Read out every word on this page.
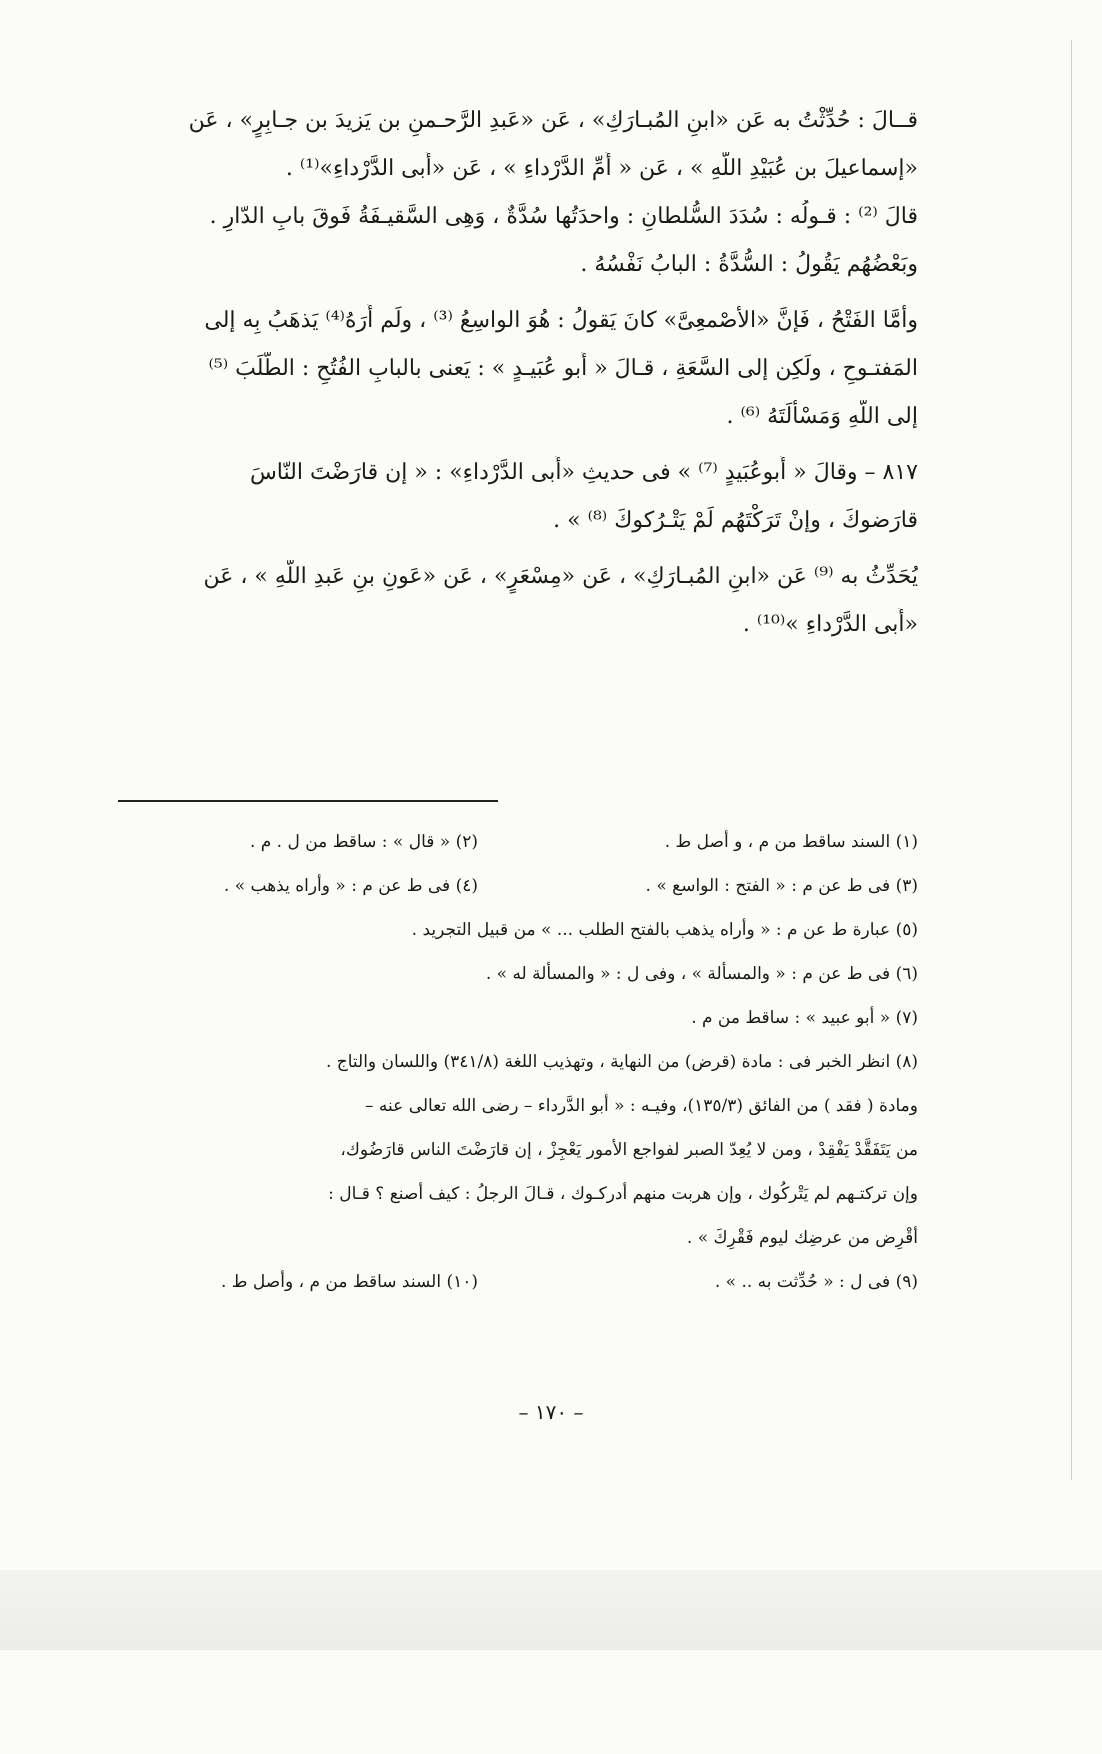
قــالَ : حُدِّثْتُ به عَن «ابنِ المُبـارَكِ» ، عَن «عَبدِ الرَّحـمنِ بن يَزيدَ بن جـابِرٍ» ، عَن
«إسماعيلَ بن عُبَيْدِ اللّهِ » ، عَن « أُمِّ الدَّرْداءِ » ، عَن «أَبى الدَّرْداءِ»⁽¹⁾ .
قالَ ⁽²⁾ : قـولُه : سُدَدَ السُّلطانِ : واحدَتُها سُدَّةٌ ، وَهِى السَّقيـفَةُ فَوقَ بابِ الدّارِ .
وبَعْضُهُم يَقُولُ : السُّدَّةُ : البابُ نَفْسُهُ .
وأمَّا الفَتْحُ ، فَإنَّ «الأصْمعِىَّ» كانَ يَقولُ : هُوَ الواسِعُ ⁽³⁾ ، ولَم أَرَهُ⁽⁴⁾ يَذهَبُ بِه إلى
المَفتـوحِ ، ولَكِن إلى السَّعَةِ ، قـالَ « أَبو عُبَيـدٍ » : يَعنى بالبابِ الفُتُحِ : الطَّلَبَ ⁽⁵⁾
إلى اللّهِ وَمَسْأَلَتَهُ ⁽⁶⁾ .
٨١٧ – وقالَ « أَبوعُبَيدٍ ⁽⁷⁾ » فى حديثِ «أَبى الدَّرْداءِ» : « إن قارَضْتَ النّاسَ
قارَضوكَ ، وإنْ تَرَكْتَهُم لَمْ يَتْـرُكوكَ ⁽⁸⁾ » .
يُحَدِّثُ به ⁽⁹⁾ عَن «ابنِ المُبـارَكِ» ، عَن «مِسْعَرٍ» ، عَن «عَونِ بنِ عَبدِ اللّهِ » ، عَن
«أَبى الدَّرْداءِ »⁽¹⁰⁾ .
(١) السند ساقط من م ، و أصل ط .
(٢) « قال » : ساقط من ل . م .
(٣) فى ط عن م : « الفتح : الواسع » .
(٤) فى ط عن م : « وأراه يذهب » .
(٥) عبارة ط عن م : « وأراه يذهب بالفتح الطلب ... » من قبيل التجريد .
(٦) فى ط عن م : « والمسألة » ، وفى ل : « والمسألة له » .
(٧) « أبو عبيد » : ساقط من م .
(٨) انظر الخبر فى : مادة (قرض) من النهاية ، وتهذيب اللغة (٣٤١/٨) واللسان والتاج .
ومادة ( فقد ) من الفائق (١٣٥/٣)، وفيـه : « أبو الدَّرداء – رضى الله تعالى عنه –
من يَتَفَقَّدْ يَفْقِدْ ، ومن لا يُعِدّ الصبر لفواجع الأمور يَعْجِزْ ، إن قارَضْتَ الناس قارَضُوك،
وإن تركتـهم لم يَتْركُوك ، وإن هربت منهم أدركـوك ، قـالَ الرجلُ : كيف أصنع ؟ قـال :
أقْرِض من عرضِك ليوم فَقْرِكَ » .
(٩) فى ل : « حُدِّثت به .. » .
(١٠) السند ساقط من م ، وأصل ط .
– ١٧٠ –
